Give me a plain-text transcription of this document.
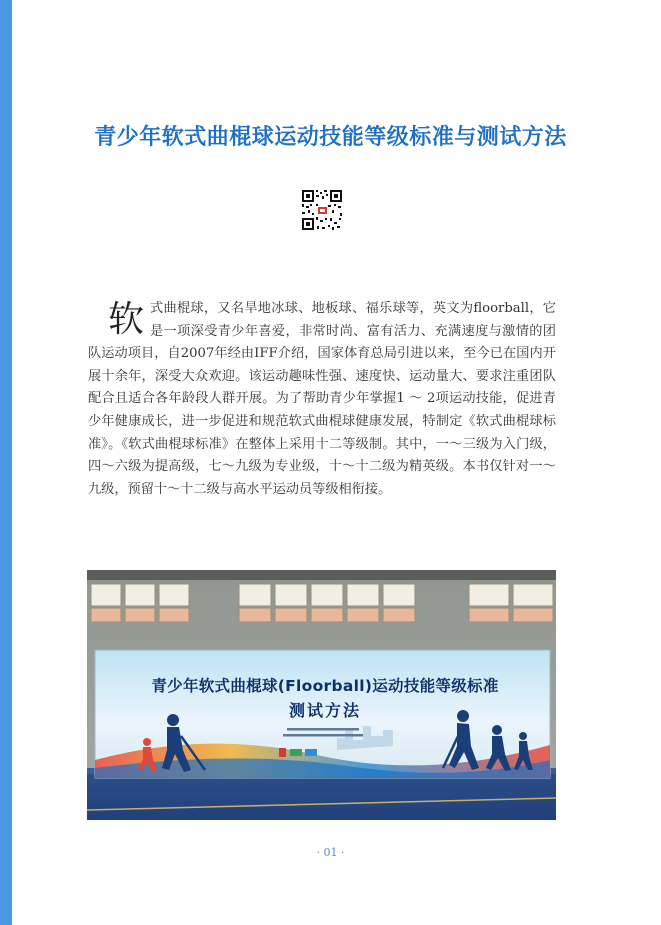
青少年软式曲棍球运动技能等级标准与测试方法
软式曲棍球，又名旱地冰球、地板球、福乐球等，英文为floorball，它是一项深受青少年喜爱，非常时尚、富有活力、充满速度与激情的团队运动项目，自2007年经由IFF介绍，国家体育总局引进以来，至今已在国内开展十余年，深受大众欢迎。该运动趣味性强、速度快、运动量大、要求注重团队配合且适合各年龄段人群开展。为了帮助青少年掌握1 ～ 2项运动技能，促进青少年健康成长，进一步促进和规范软式曲棍球健康发展，特制定《软式曲棍球标准》。《软式曲棍球标准》在整体上采用十二等级制。其中，一～三级为入门级，四～六级为提高级，七～九级为专业级，十～十二级为精英级。本书仅针对一～九级，预留十～十二级与高水平运动员等级相衔接。
青少年软式曲棍球(Floorball)运动技能等级标准
测试方法
· 01 ·
